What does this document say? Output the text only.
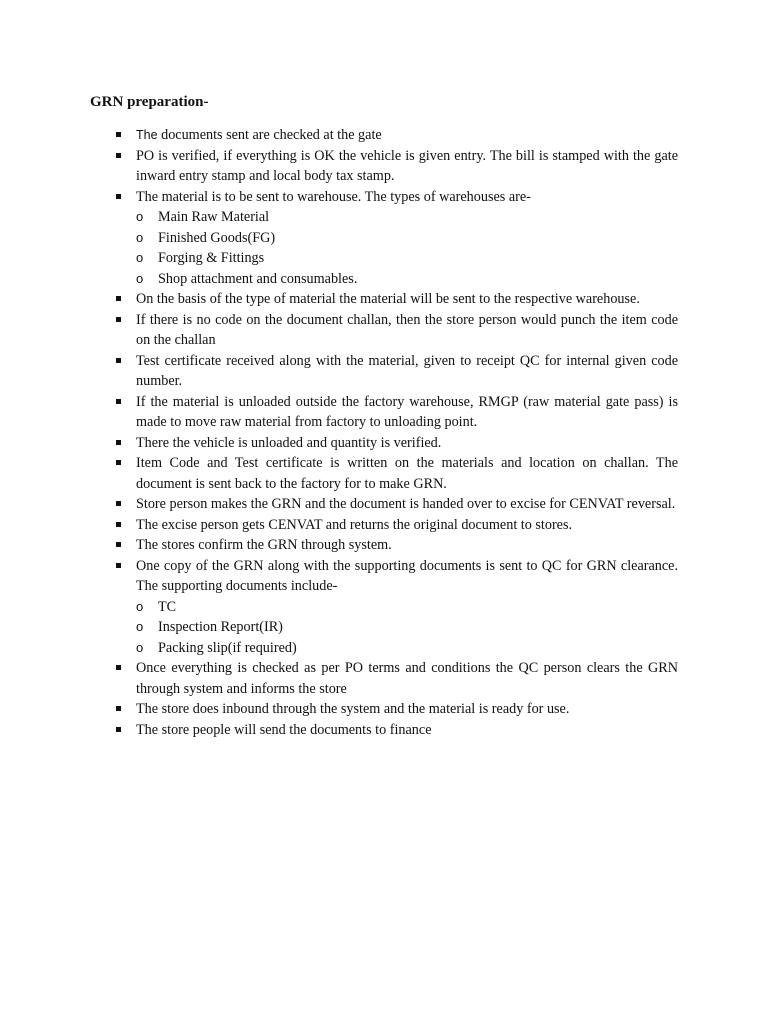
GRN preparation-
The documents sent are checked at the gate
PO is verified, if everything is OK the vehicle is given entry. The bill is stamped with the gate inward entry stamp and local body tax stamp.
The material is to be sent to warehouse. The types of warehouses are-
o Main Raw Material
o Finished Goods(FG)
o Forging & Fittings
o Shop attachment and consumables.
On the basis of the type of material the material will be sent to the respective warehouse.
If there is no code on the document challan, then the store person would punch the item code on the challan
Test certificate received along with the material, given to receipt QC for internal given code number.
If the material is unloaded outside the factory warehouse, RMGP (raw material gate pass) is made to move raw material from factory to unloading point.
There the vehicle is unloaded and quantity is verified.
Item Code and Test certificate is written on the materials and location on challan. The document is sent back to the factory for to make GRN.
Store person makes the GRN and the document is handed over to excise for CENVAT reversal.
The excise person gets CENVAT and returns the original document to stores.
The stores confirm the GRN through system.
One copy of the GRN along with the supporting documents is sent to QC for GRN clearance. The supporting documents include-
o TC
o Inspection Report(IR)
o Packing slip(if required)
Once everything is checked as per PO terms and conditions the QC person clears the GRN through system and informs the store
The store does inbound through the system and the material is ready for use.
The store people will send the documents to finance
